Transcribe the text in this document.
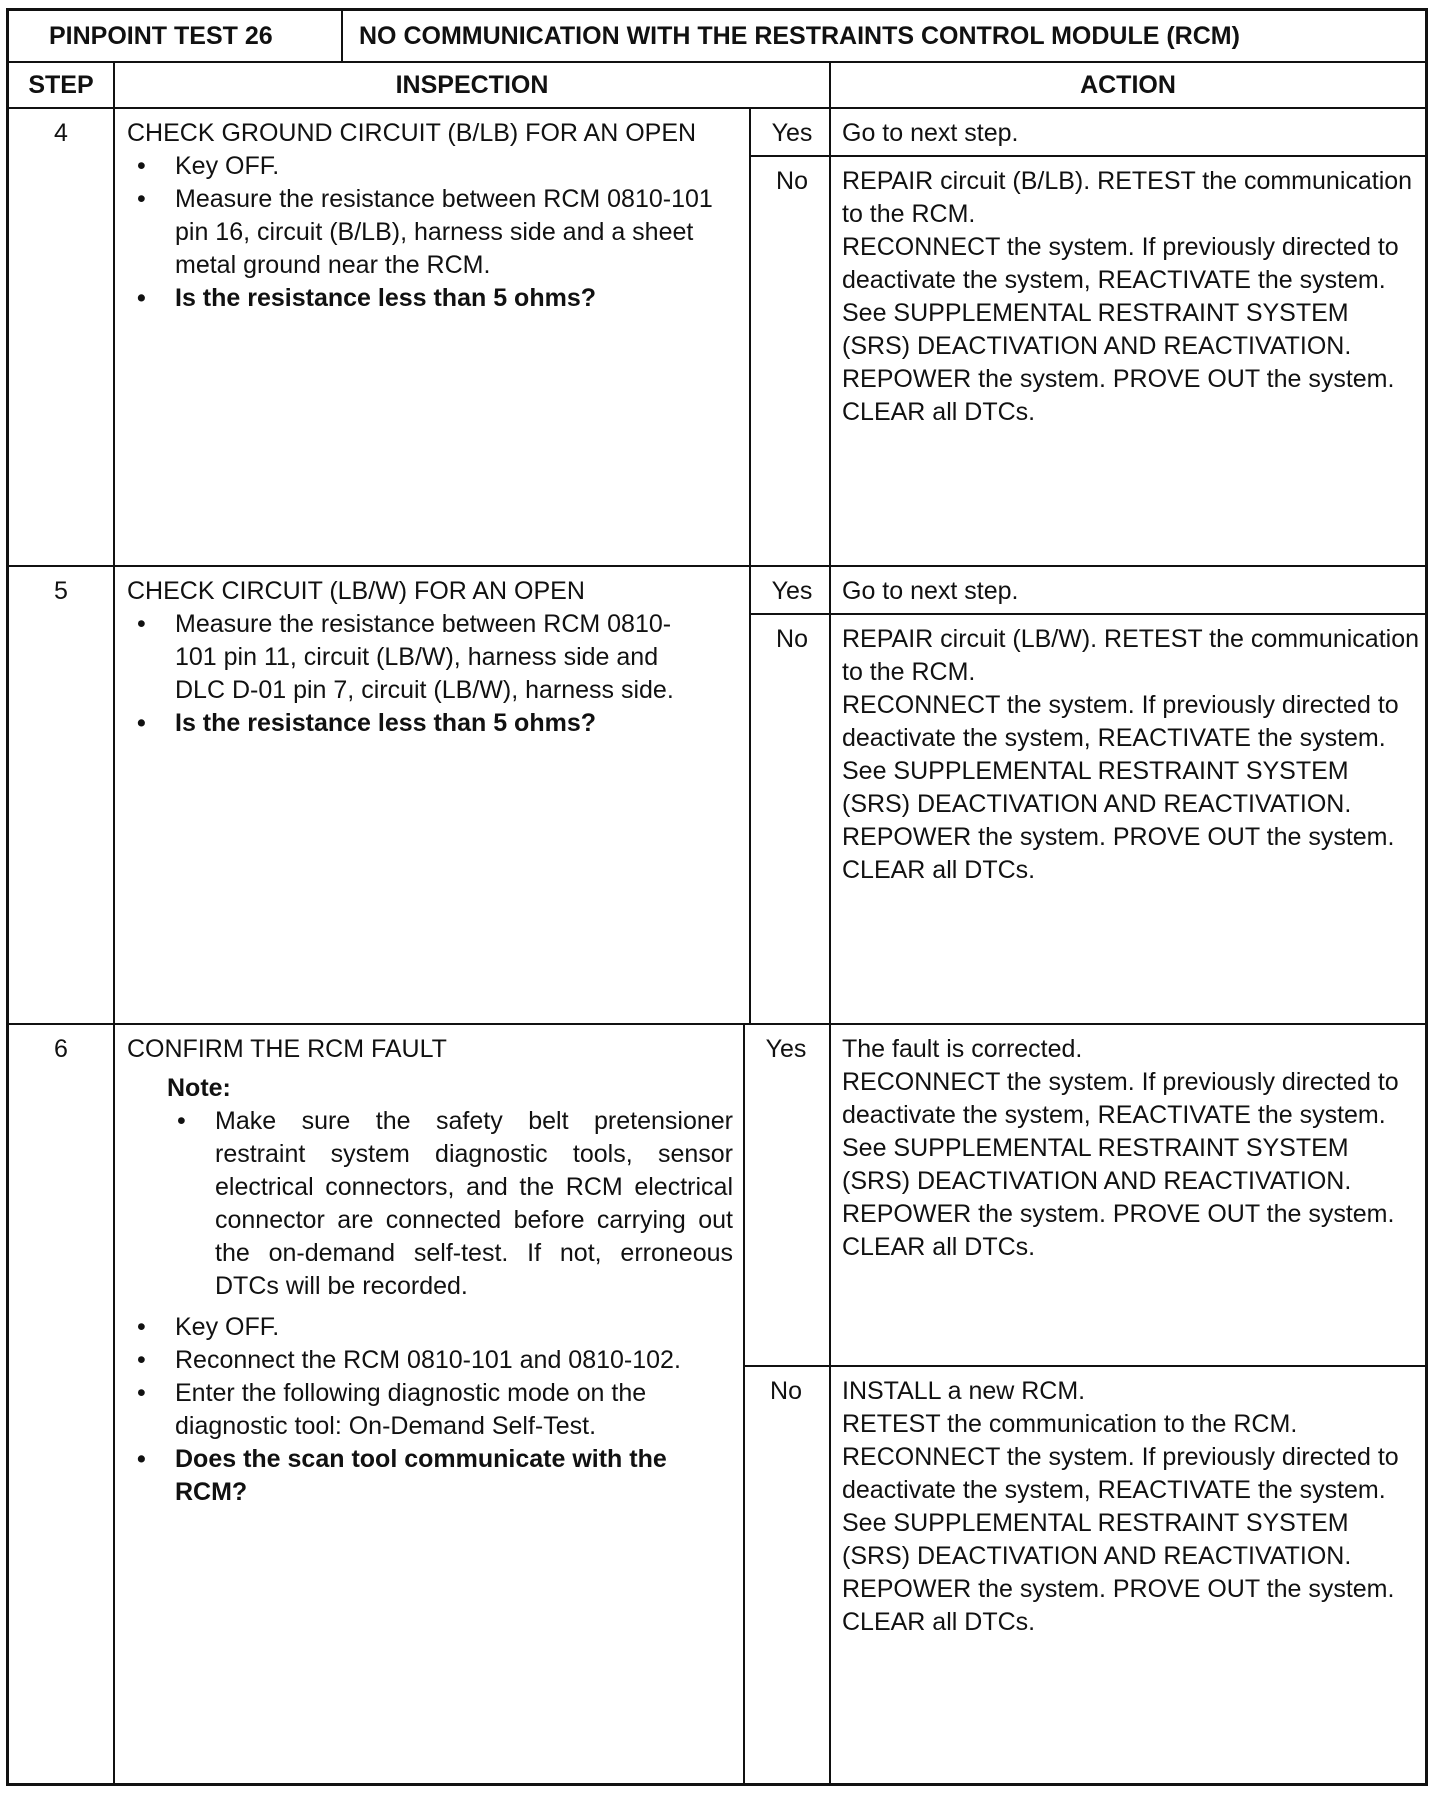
PINPOINT TEST 26	NO COMMUNICATION WITH THE RESTRAINTS CONTROL MODULE (RCM)
STEP	INSPECTION	ACTION
4	CHECK GROUND CIRCUIT (B/LB) FOR AN OPEN

• Key OFF.
• Measure the resistance between RCM 0810-101 pin 16, circuit (B/LB), harness side and a sheet metal ground near the RCM.
• Is the resistance less than 5 ohms?
Yes	Go to next step.

No	REPAIR circuit (B/LB). RETEST the communication to the RCM.

RECONNECT the system. If previously directed to deactivate the system, REACTIVATE the system. See SUPPLEMENTAL RESTRAINT SYSTEM (SRS) DEACTIVATION AND REACTIVATION. REPOWER the system. PROVE OUT the system. CLEAR all DTCs.

5	CHECK CIRCUIT (LB/W) FOR AN OPEN

• Measure the resistance between RCM 0810-101 pin 11, circuit (LB/W), harness side and DLC D-01 pin 7, circuit (LB/W), harness side.
• Is the resistance less than 5 ohms?
Yes	Go to next step.

No	REPAIR circuit (LB/W). RETEST the communication to the RCM.

RECONNECT the system. If previously directed to deactivate the system, REACTIVATE the system. See SUPPLEMENTAL RESTRAINT SYSTEM (SRS) DEACTIVATION AND REACTIVATION. REPOWER the system. PROVE OUT the system. CLEAR all DTCs.

6	CONFIRM THE RCM FAULT

Note:

• Make sure the safety belt pretensioner restraint system diagnostic tools, sensor electrical connectors, and the RCM electrical connector are connected before carrying out the on-demand self-test. If not, erroneous DTCs will be recorded.
• Key OFF.
• Reconnect the RCM 0810-101 and 0810-102.
• Enter the following diagnostic mode on the diagnostic tool: On-Demand Self-Test.
• Does the scan tool communicate with the RCM?
Yes	The fault is corrected.

RECONNECT the system. If previously directed to deactivate the system, REACTIVATE the system. See SUPPLEMENTAL RESTRAINT SYSTEM (SRS) DEACTIVATION AND REACTIVATION. REPOWER the system. PROVE OUT the system. CLEAR all DTCs.

No	INSTALL a new RCM.

RETEST the communication to the RCM.

RECONNECT the system. If previously directed to deactivate the system, REACTIVATE the system. See SUPPLEMENTAL RESTRAINT SYSTEM (SRS) DEACTIVATION AND REACTIVATION. REPOWER the system. PROVE OUT the system. CLEAR all DTCs.
